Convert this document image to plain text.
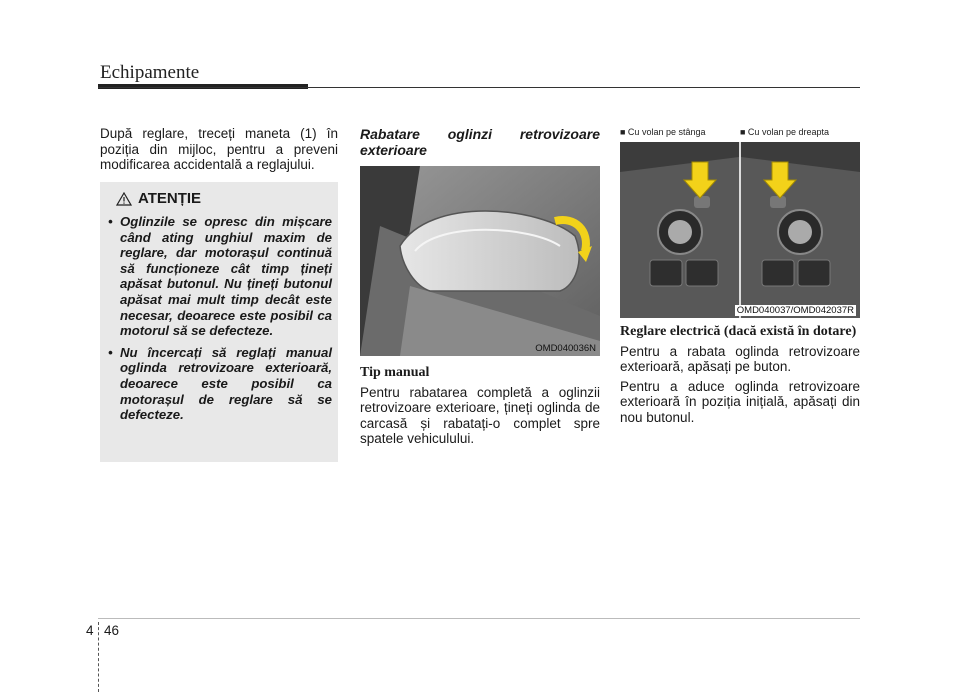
Echipamente
După reglare, treceți maneta (1) în poziția din mijloc, pentru a preveni modificarea accidentală a reglajului.
ATENȚIE
• Oglinzile se opresc din mișcare când ating unghiul maxim de reglare, dar motorașul continuă să funcționeze cât timp țineți apăsat butonul. Nu țineți butonul apăsat mai mult timp decât este necesar, deoarece este posibil ca motorul să se defecteze.
• Nu încercați să reglați manual oglinda retrovizoare exterioară, deoarece este posibil ca motorașul de reglare să se defecteze.
Rabatare oglinzi retrovizoare exterioare
OMD040036N
Tip manual
Pentru rabatarea completă a oglinzii retrovizoare exterioare, țineți oglinda de carcasă și rabatați-o complet spre spatele vehiculului.
■ Cu volan pe stânga	■ Cu volan pe dreapta
OMD040037/OMD042037R
Reglare electrică (dacă există în dotare)
Pentru a rabata oglinda retrovizoare exterioară, apăsați pe buton.
Pentru a aduce oglinda retrovizoare exterioară în poziția inițială, apăsați din nou butonul.
4 46
